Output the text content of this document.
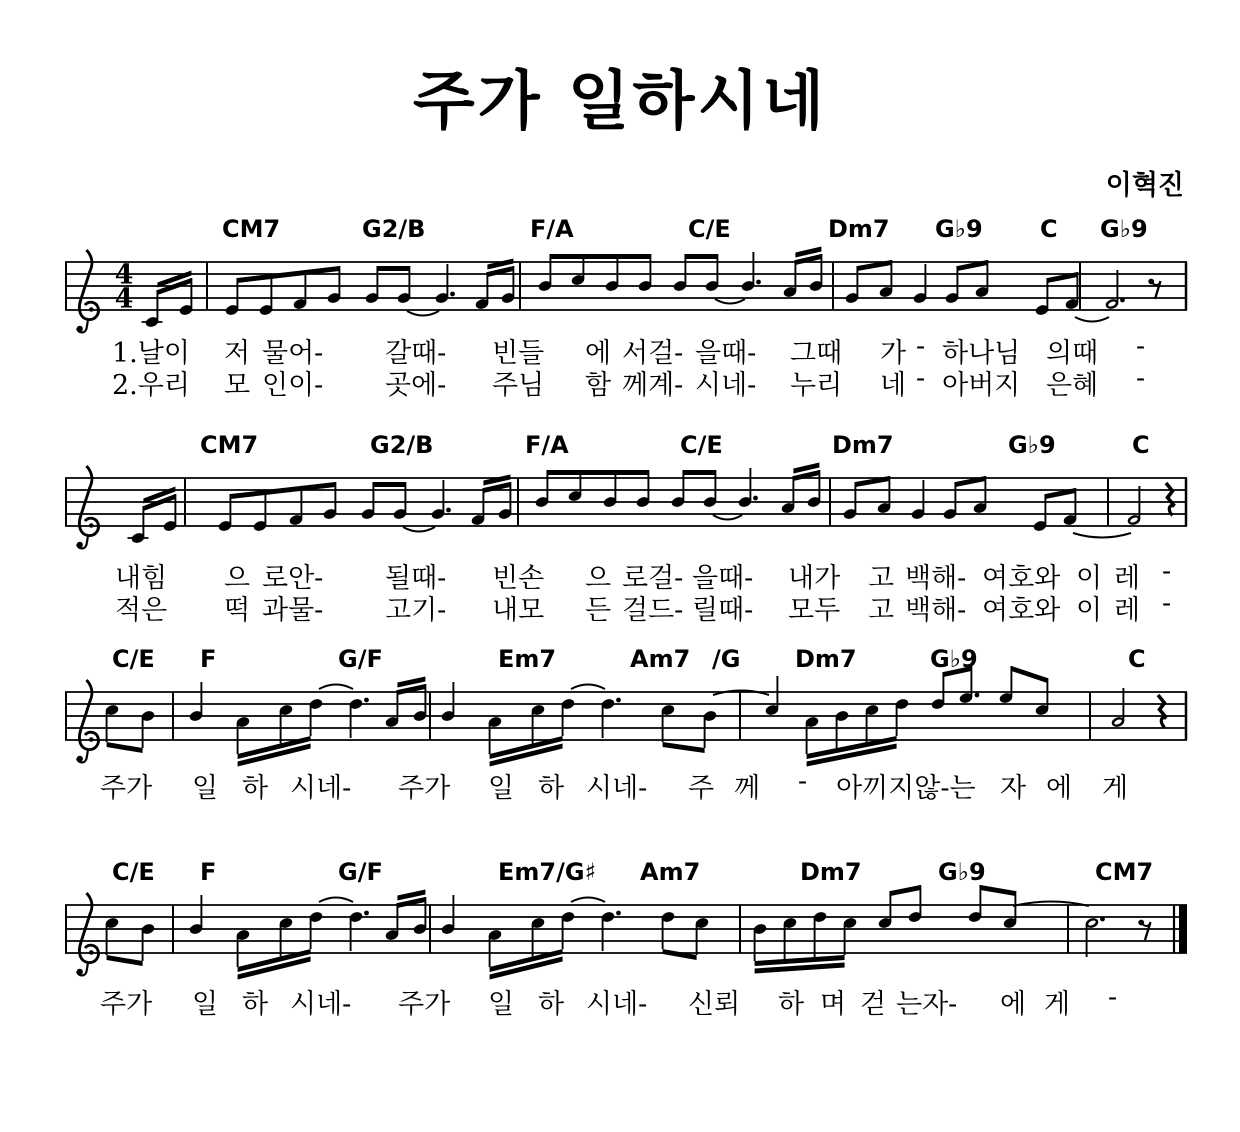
주가 일하시네
이혁진
4
4
CM7	G2/B	F/A	C/E	Dm7 G♭9 C G♭9
1.날이 저 물어- 갈때- 빈들 에 서걸- 을때- 그때 가 - 하나님 의때 -
2.우리 모 인이- 곳에- 주님 함 께계- 시네- 누리 네 - 아버지 은혜 -
CM7	G2/B	F/A	C/E	Dm7	G♭9	C
내힘 으 로안- 될때- 빈손 으 로걸- 을때- 내가 고 백해- 여호와 이 레 -
적은 떡 과물- 고기- 내모 든 걸드- 릴때- 모두 고 백해- 여호와 이 레 -
C/E F	G/F	Em7	Am7 /G Dm7	G♭9	C
주가 일 하 시네- 주가 일 하 시네- 주 께 - 아끼지않-는 자 에 게
C/E F	G/F	Em7/G♯ Am7	Dm7	G♭9	CM7
주가 일 하 시네- 주가 일 하 시네- 신뢰 하 며 걷 는자- 에 게 -
